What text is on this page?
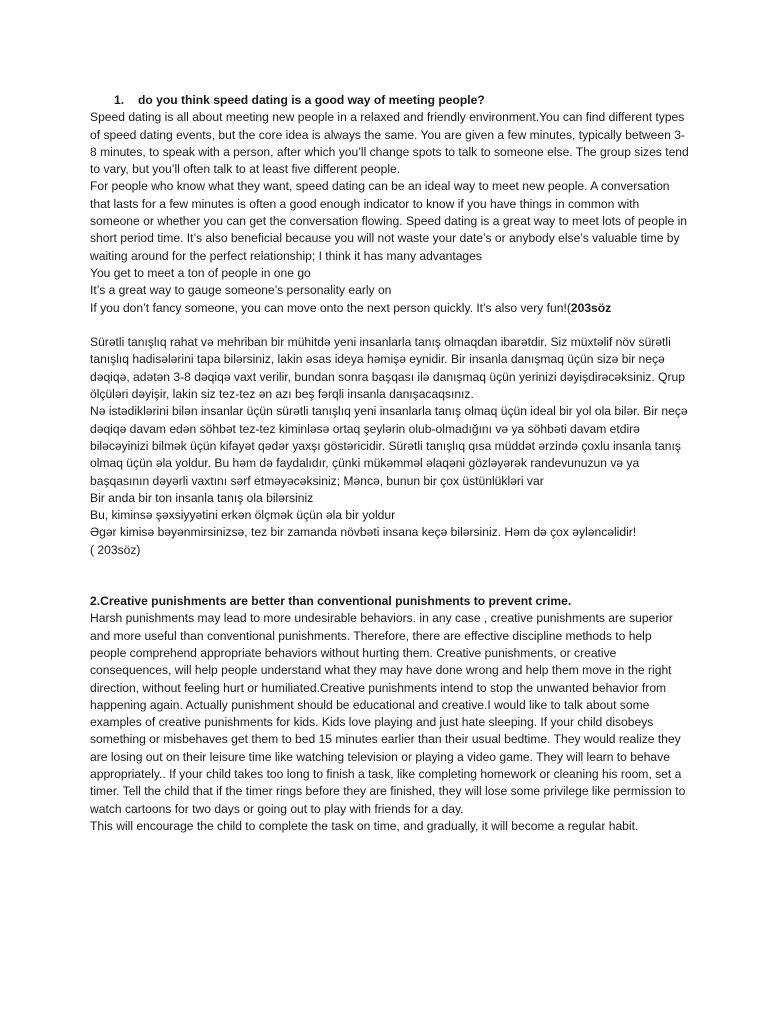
1. do you think speed dating is a good way of meeting people?

Speed dating is all about meeting new people in a relaxed and friendly environment.You can find different types of speed dating events, but the core idea is always the same. You are given a few minutes, typically between 3-8 minutes, to speak with a person, after which you’ll change spots to talk to someone else. The group sizes tend to vary, but you’ll often talk to at least five different people.

For people who know what they want, speed dating can be an ideal way to meet new people. A conversation that lasts for a few minutes is often a good enough indicator to know if you have things in common with someone or whether you can get the conversation flowing. Speed dating is a great way to meet lots of people in short period time. It’s also beneficial because you will not waste your date’s or anybody else’s valuable time by waiting around for the perfect relationship; I think it has many advantages

You get to meet a ton of people in one go

It’s a great way to gauge someone’s personality early on

If you don’t fancy someone, you can move onto the next person quickly. It’s also very fun!(203söz

Sürətli tanışlıq rahat və mehriban bir mühitdə yeni insanlarla tanış olmaqdan ibarətdir. Siz müxtəlif növ sürətli tanışlıq hadisələrini tapa bilərsiniz, lakin əsas ideya həmişə eynidir. Bir insanla danışmaq üçün sizə bir neçə dəqiqə, adətən 3-8 dəqiqə vaxt verilir, bundan sonra başqası ilə danışmaq üçün yerinizi dəyişdirəcəksiniz. Qrup ölçüləri dəyişir, lakin siz tez-tez ən azı beş fərqli insanla danışacaqsınız.

Nə istədiklərini bilən insanlar üçün sürətli tanışlıq yeni insanlarla tanış olmaq üçün ideal bir yol ola bilər. Bir neçə dəqiqə davam edən söhbət tez-tez kiminləsə ortaq şeylərin olub-olmadığını və ya söhbəti davam etdirə biləcəyinizi bilmək üçün kifayət qədər yaxşı göstəricidir. Sürətli tanışlıq qısa müddət ərzində çoxlu insanla tanış olmaq üçün əla yoldur. Bu həm də faydalıdır, çünki mükəmməl əlaqəni gözləyərək randevunuzun və ya başqasının dəyərli vaxtını sərf etməyəcəksiniz; Məncə, bunun bir çox üstünlükləri var

Bir anda bir ton insanla tanış ola bilərsiniz

Bu, kiminsə şəxsiyyətini erkən ölçmək üçün əla bir yoldur

Əgər kimisə bəyənmirsinizsə, tez bir zamanda növbəti insana keçə bilərsiniz. Həm də çox əyləncəlidir!

( 203söz)

2.Creative punishments are better than conventional punishments to prevent crime.

Harsh punishments may lead to more undesirable behaviors. in any case , creative punishments are superior and more useful than conventional punishments. Therefore, there are effective discipline methods to help people comprehend appropriate behaviors without hurting them. Creative punishments, or creative consequences, will help people understand what they may have done wrong and help them move in the right direction, without feeling hurt or humiliated.Creative punishments intend to stop the unwanted behavior from happening again. Actually punishment should be educational and creative.I would like to talk about some examples of creative punishments for kids. Kids love playing and just hate sleeping. If your child disobeys something or misbehaves get them to bed 15 minutes earlier than their usual bedtime. They would realize they are losing out on their leisure time like watching television or playing a video game. They will learn to behave appropriately.. If your child takes too long to finish a task, like completing homework or cleaning his room, set a timer. Tell the child that if the timer rings before they are finished, they will lose some privilege like permission to watch cartoons for two days or going out to play with friends for a day.

This will encourage the child to complete the task on time, and gradually, it will become a regular habit.
